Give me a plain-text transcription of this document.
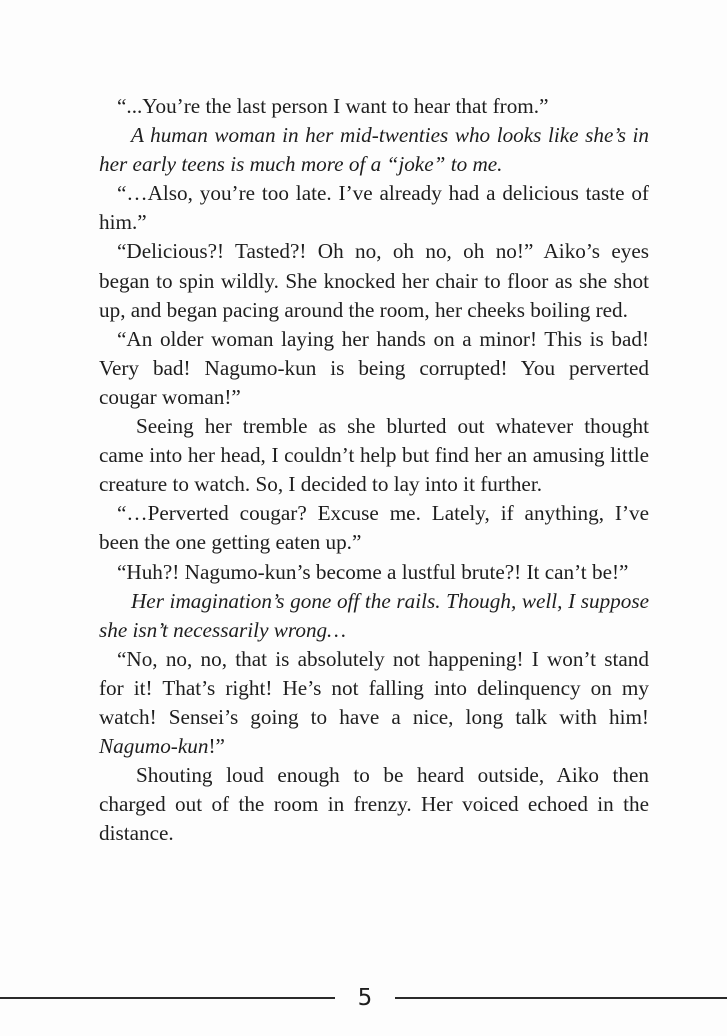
“...You’re the last person I want to hear that from.”

A human woman in her mid-twenties who looks like she’s in her early teens is much more of a “joke” to me.

“…Also, you’re too late. I’ve already had a delicious taste of him.”

“Delicious?! Tasted?! Oh no, oh no, oh no!” Aiko’s eyes began to spin wildly. She knocked her chair to floor as she shot up, and began pacing around the room, her cheeks boiling red.

“An older woman laying her hands on a minor! This is bad! Very bad! Nagumo-kun is being corrupted! You perverted cougar woman!”

Seeing her tremble as she blurted out whatever thought came into her head, I couldn’t help but find her an amusing little creature to watch. So, I decided to lay into it further.

“…Perverted cougar? Excuse me. Lately, if anything, I’ve been the one getting eaten up.”

“Huh?! Nagumo-kun’s become a lustful brute?! It can’t be!”

Her imagination’s gone off the rails. Though, well, I suppose she isn’t necessarily wrong…

“No, no, no, that is absolutely not happening! I won’t stand for it! That’s right! He’s not falling into delinquency on my watch! Sensei’s going to have a nice, long talk with him! Nagumo-kun!”

Shouting loud enough to be heard outside, Aiko then charged out of the room in frenzy. Her voiced echoed in the distance.

5
